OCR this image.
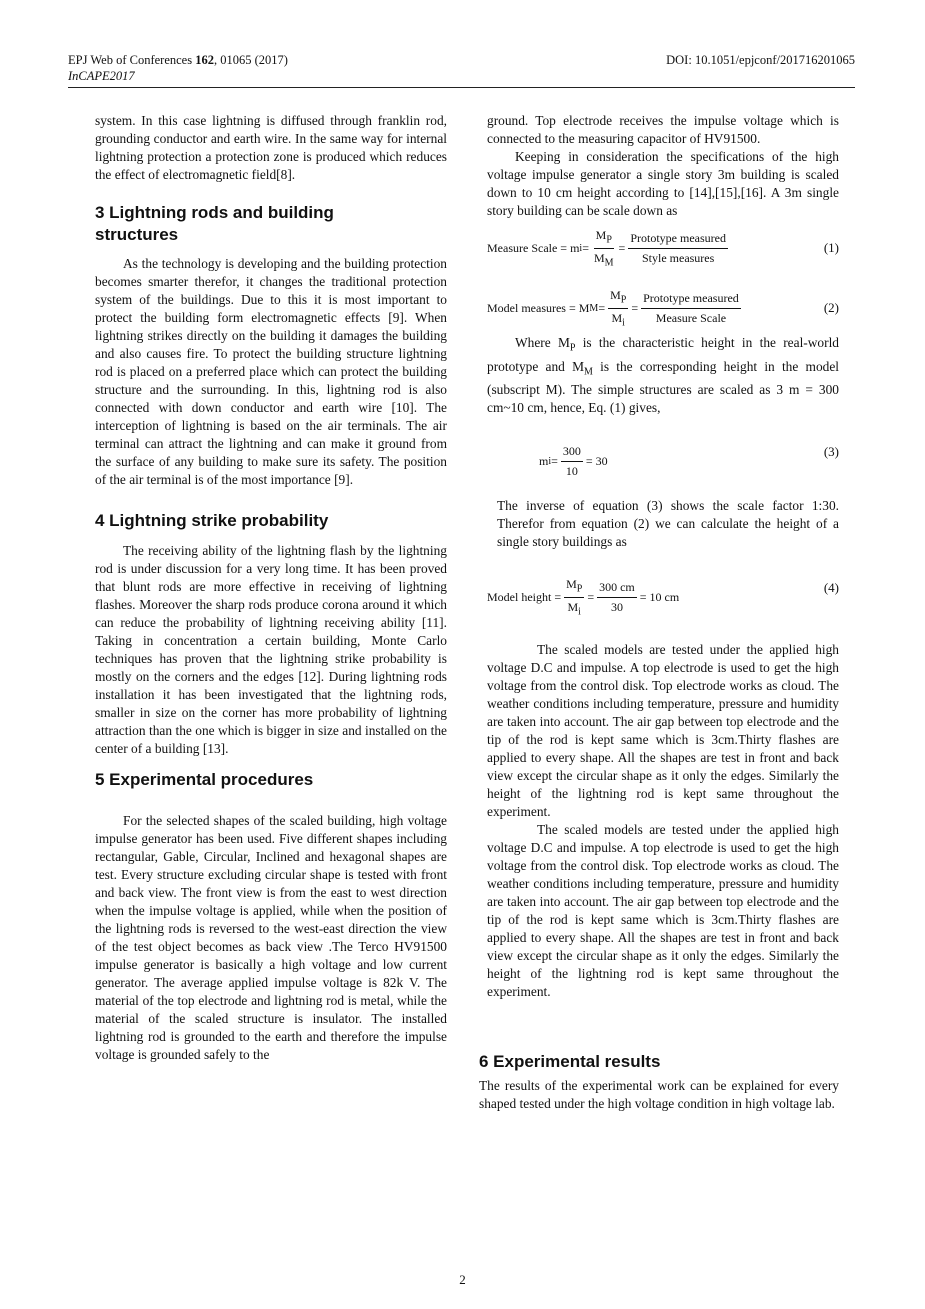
EPJ Web of Conferences 162, 01065 (2017)
InCAPE2017
DOI: 10.1051/epjconf/201716201065

system. In this case lightning is diffused through franklin rod, grounding conductor and earth wire. In the same way for internal lightning protection a protection zone is produced which reduces the effect of electromagnetic field[8].

3 Lightning rods and building structures

As the technology is developing and the building protection becomes smarter therefor, it changes the traditional protection system of the buildings. Due to this it is most important to protect the building form electromagnetic effects [9]. When lightning strikes directly on the building it damages the building and also causes fire. To protect the building structure lightning rod is placed on a preferred place which can protect the building structure and the surrounding. In this, lightning rod is also connected with down conductor and earth wire [10]. The interception of lightning is based on the air terminals. The air terminal can attract the lightning and can make it ground from the surface of any building to make sure its safety. The position of the air terminal is of the most importance [9].

4 Lightning strike probability

The receiving ability of the lightning flash by the lightning rod is under discussion for a very long time. It has been proved that blunt rods are more effective in receiving of lightning flashes. Moreover the sharp rods produce corona around it which can reduce the probability of lightning receiving ability [11]. Taking in concentration a certain building, Monte Carlo techniques has proven that the lightning strike probability is mostly on the corners and the edges [12]. During lightning rods installation it has been investigated that the lightning rods, smaller in size on the corner has more probability of lightning attraction than the one which is bigger in size and installed on the center of a building [13].

5 Experimental procedures

For the selected shapes of the scaled building, high voltage impulse generator has been used. Five different shapes including rectangular, Gable, Circular, Inclined and hexagonal shapes are test. Every structure excluding circular shape is tested with front and back view. The front view is from the east to west direction when the impulse voltage is applied, while when the position of the lightning rods is reversed to the west-east direction the view of the test object becomes as back view .The Terco HV91500 impulse generator is basically a high voltage and low current generator. The average applied impulse voltage is 82k V. The material of the top electrode and lightning rod is metal, while the material of the scaled structure is insulator. The installed lightning rod is grounded to the earth and therefore the impulse voltage is grounded safely to the

ground. Top electrode receives the impulse voltage which is connected to the measuring capacitor of HV91500.

Keeping in consideration the specifications of the high voltage impulse generator a single story 3m building is scaled down to 10 cm height according to [14],[15],[16]. A 3m single story building can be scale down as

Measure Scale = m $i = \frac{M_P}{M_M} = \frac{\text{Prototype measured}}{\text{Style measures}}$	(1)
Model measures = M $M = \frac{M_P}{M_i} = \frac{\text{Prototype measured}}{\text{Measure Scale}}$	(2)

Where $M_P$ is the characteristic height in the real-world prototype and $M_M$ is the corresponding height in the model (subscript M). The simple structures are scaled as 3 m = 300 cm~10 cm, hence, Eq. (1) gives,

m $i = \frac{300}{10} = 30$
(3)

The inverse of equation (3) shows the scale factor 1:30. Therefor from equation (2) we can calculate the height of a single story buildings as

Model height = $\frac{M_P}{M_i} = \frac{300 cm}{30} = 10$ cm
(4)

The scaled models are tested under the applied high voltage D.C and impulse. A top electrode is used to get the high voltage from the control disk. Top electrode works as cloud. The weather conditions including temperature, pressure and humidity are taken into account. The air gap between top electrode and the tip of the rod is kept same which is 3cm.Thirty flashes are applied to every shape. All the shapes are test in front and back view except the circular shape as it only the edges. Similarly the height of the lightning rod is kept same throughout the experiment.

The scaled models are tested under the applied high voltage D.C and impulse. A top electrode is used to get the high voltage from the control disk. Top electrode works as cloud. The weather conditions including temperature, pressure and humidity are taken into account. The air gap between top electrode and the tip of the rod is kept same which is 3cm.Thirty flashes are applied to every shape. All the shapes are test in front and back view except the circular shape as it only the edges. Similarly the height of the lightning rod is kept same throughout the experiment.

6 Experimental results

The results of the experimental work can be explained for every shaped tested under the high voltage condition in high voltage lab.

2
